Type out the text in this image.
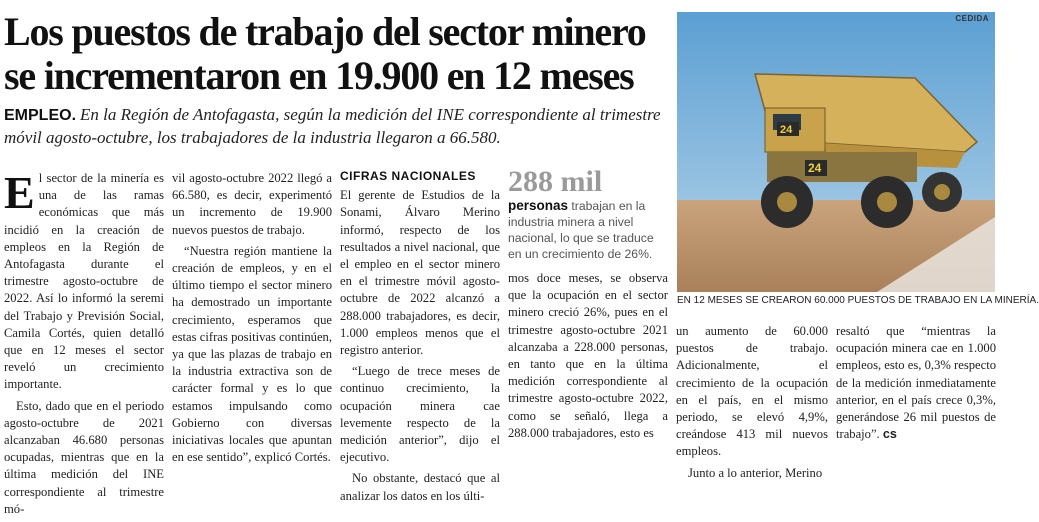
Los puestos de trabajo del sector minero
se incrementaron en 19.900 en 12 meses
EMPLEO. En la Región de Antofagasta, según la medición del INE correspondiente al trimestre móvil agosto-octubre, los trabajadores de la industria llegaron a 66.580.

El sector de la minería es una de las ramas económicas que más incidió en la creación de empleos en la Región de Antofagasta durante el trimestre agosto-octubre de 2022. Así lo informó la seremi del Trabajo y Previsión Social, Camila Cortés, quien detalló que en 12 meses el sector reveló un crecimiento importante.

Esto, dado que en el periodo agosto-octubre de 2021 alcanzaban 46.680 personas ocupadas, mientras que en la última medición del INE correspondiente al trimestre mó-

vil agosto-octubre 2022 llegó a 66.580, es decir, experimentó un incremento de 19.900 nuevos puestos de trabajo.

“Nuestra región mantiene la creación de empleos, y en el último tiempo el sector minero ha demostrado un importante crecimiento, esperamos que estas cifras positivas continúen, ya que las plazas de trabajo en la industria extractiva son de carácter formal y es lo que estamos impulsando como Gobierno con diversas iniciativas locales que apuntan en ese sentido”, explicó Cortés.

CIFRAS NACIONALES

El gerente de Estudios de la Sonami, Álvaro Merino informó, respecto de los resultados a nivel nacional, que el empleo en el sector minero en el trimestre móvil agosto-octubre de 2022 alcanzó a 288.000 trabajadores, es decir, 1.000 empleos menos que el registro anterior.

“Luego de trece meses de continuo crecimiento, la ocupación minera cae levemente respecto de la medición anterior”, dijo el ejecutivo.

No obstante, destacó que al analizar los datos en los últi-

288 mil
personas trabajan en la industria minera a nivel nacional, lo que se traduce en un crecimiento de 26%.

mos doce meses, se observa que la ocupación en el sector minero creció 26%, pues en el trimestre agosto-octubre 2021 alcanzaba a 228.000 personas, en tanto que en la última medición correspondiente al trimestre agosto-octubre 2022, como se señaló, llega a 288.000 trabajadores, esto es

un aumento de 60.000 puestos de trabajo. Adicionalmente, el crecimiento de la ocupación en el país, en el mismo periodo, se elevó 4,9%, creándose 413 mil nuevos empleos.

Junto a lo anterior, Merino

resaltó que “mientras la ocupación minera cae en 1.000 empleos, esto es, 0,3% respecto de la medición inmediatamente anterior, en el país crece 0,3%, generándose 26 mil puestos de trabajo”. cs

24
24
CEDIDA
EN 12 MESES SE CREARON 60.000 PUESTOS DE TRABAJO EN LA MINERÍA.
